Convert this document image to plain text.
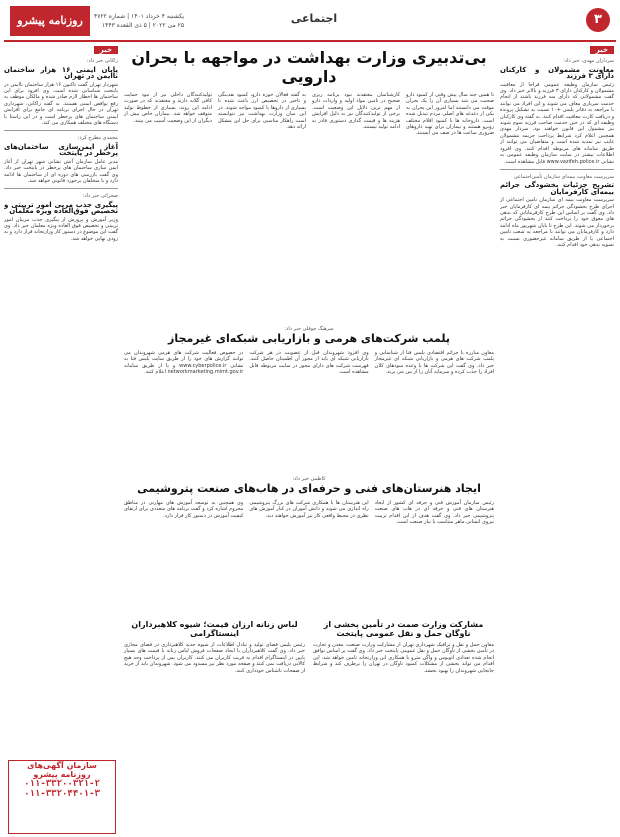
۳
اجتماعی
روزنامه پیشرو	یکشنبه ۴ خرداد ۱۴۰۱ | شماره ۴۷۲۲
۲۵ می ۲۰۲۲ | ۵ ذی القعده ۱۴۴۳
خبر
سرداران مهدی، خبر داد:
معاونت مشمولان و کارکنان دارای ۳ فرزند
رئیس سازمان وظیفه عمومی فراجا از معافیت مشمولان و کارکنان دارای ۳ فرزند و بالاتر خبر داد. وی گفت مشمولانی که دارای سه فرزند باشند از انجام خدمت سربازی معاف می شوند و این افراد می توانند با مراجعه به دفاتر پلیس +۱۰ نسبت به تشکیل پرونده و دریافت کارت معافیت اقدام کنند. به گفته وی کارکنان وظیفه ای که در حین خدمت صاحب فرزند سوم شوند نیز مشمول این قانون خواهند بود. سردار مهدی همچنین اعلام کرد شرایط پرداخت جریمه مشمولان غایب نیز تمدید شده است و متقاضیان می توانند از طریق سامانه های مربوطه اقدام کنند. وی افزود اطلاعات بیشتر در سایت سازمان وظیفه عمومی به نشانی www.vazifeh.police.ir قابل مشاهده است.
سرپرست معاونت بیمه‌ای سازمان تأمین‌اجتماعی
تشریح جزئیات بخشودگی جرائم بیمه‌ای کارفرمایان
سرپرست معاونت بیمه ای سازمان تامین اجتماعی از اجرای طرح بخشودگی جرائم بیمه ای کارفرمایان خبر داد. وی گفت بر اساس این طرح کارفرمایانی که بدهی های معوق خود را پرداخت کنند از بخشودگی جرائم برخوردار می شوند. این طرح تا پایان شهریور ماه ادامه دارد و کارفرمایان می توانند با مراجعه به شعب تامین اجتماعی یا از طریق سامانه غیرحضوری نسبت به تسویه بدهی خود اقدام کنند.
بی‌تدبیری وزارت بهداشت در مواجهه با بحران دارویی
تا همین چند سال پیش وقتی از کمبود دارو صحبت می شد بسیاری آن را یک بحران موقت می دانستند اما امروز این بحران به یکی از دغدغه های اصلی مردم تبدیل شده است. داروخانه ها با کمبود اقلام مختلف روبرو هستند و بیماران برای تهیه داروهای ضروری ساعت ها در صف می ایستند.
کارشناسان معتقدند نبود برنامه ریزی صحیح در تامین مواد اولیه و واردات دارو از مهم ترین دلایل این وضعیت است. برخی از تولیدکنندگان نیز به دلیل افزایش هزینه ها و قیمت گذاری دستوری قادر به ادامه تولید نیستند.
به گفته فعالان حوزه دارو، کمبود نقدینگی و تاخیر در تخصیص ارز باعث شده تا بسیاری از داروها با کمبود مواجه شوند. در این میان وزارت بهداشت نیز نتوانسته است راهکار مناسبی برای حل این مشکل ارائه دهد.
تولیدکنندگان داخلی نیز از نبود حمایت کافی گلایه دارند و معتقدند که در صورت ادامه این روند، بسیاری از خطوط تولید متوقف خواهد شد. بیماران خاص بیش از دیگران از این وضعیت آسیب می بینند.
سرهنگ چوقلی خبر داد:
پلمب شرکت‌های هرمی و بازاریابی شبکه‌ای غیرمجاز
معاون مبارزه با جرائم اقتصادی پلیس فتا از شناسایی و پلمب شرکت های هرمی و بازاریابی شبکه ای غیرمجاز خبر داد. وی گفت این شرکت ها با وعده سودهای کلان افراد را جذب کرده و سرمایه آنان را از بین می برند.
وی افزود شهروندان قبل از عضویت در هر شرکت بازاریابی شبکه ای باید از مجوز آن اطمینان حاصل کنند. فهرست شرکت های دارای مجوز در سایت مربوطه قابل مشاهده است.
در خصوص فعالیت شرکت های هرمی شهروندان می توانند گزارش های خود را از طریق سایت پلیس فتا به نشانی www.cyberpolice.ir و یا از طریق سامانه networkmarketing.mimt.gov.ir اعلام کنند.
کاظمی خبر داد:
ایجاد هنرستان‌های فنی و حرفه‌ای در هاب‌های صنعت پتروشیمی
رئیس سازمان آموزش فنی و حرفه ای کشور از ایجاد هنرستان های فنی و حرفه ای در هاب های صنعت پتروشیمی خبر داد. وی گفت هدف از این اقدام تربیت نیروی انسانی ماهر متناسب با نیاز صنعت است.
این هنرستان ها با همکاری شرکت های بزرگ پتروشیمی راه اندازی می شوند و دانش آموزان در کنار آموزش های نظری در محیط واقعی کار نیز آموزش خواهند دید.
وی همچنین به توسعه آموزش های مهارتی در مناطق محروم اشاره کرد و گفت برنامه های متعددی برای ارتقای کیفیت آموزش در دستور کار قرار دارد.
مشارکت وزارت صمت در تأمین بخشی از ناوگان حمل و نقل عمومی پایتخت
معاون حمل و نقل و ترافیک شهرداری تهران از مشارکت وزارت صنعت، معدن و تجارت در تامین بخشی از ناوگان حمل و نقل عمومی پایتخت خبر داد. وی گفت بر اساس توافق انجام شده تعدادی اتوبوس و واگن مترو با همکاری این وزارتخانه تامین خواهد شد. این اقدام می تواند بخشی از مشکلات کمبود ناوگان در تهران را برطرف کند و شرایط جابجایی شهروندان را بهبود بخشد.
لباس زنانه ارزان قیمت؛ شیوه کلاهبرداران اینستاگرامی
رئیس پلیس فضای تولید و تبادل اطلاعات از شیوه جدید کلاهبرداری در فضای مجازی خبر داد. وی گفت کلاهبرداران با ایجاد صفحات فروش لباس زنانه با قیمت های بسیار پایین در اینستاگرام اقدام به فریب کاربران می کنند. کاربران پس از پرداخت وجه هیچ کالایی دریافت نمی کنند و صفحه مورد نظر نیز مسدود می شود. شهروندان باید از خرید از صفحات ناشناس خودداری کنند.
خبر
زاکانی خبر داد:
پایان ایمنی ۱۶ هزار ساختمان ناایمن در تهران
شهردار تهران گفت تاکنون ۱۶ هزار ساختمان ناایمن در پایتخت شناسایی شده است. وی افزود برای این ساختمان ها اخطار لازم صادر شده و مالکان موظف به رفع نواقص ایمنی هستند. به گفته زاکانی، شهرداری تهران در حال اجرای برنامه ای جامع برای افزایش ایمنی ساختمان های پرخطر است و در این راستا با دستگاه های مختلف همکاری می کند.
محمدی مطرح کرد:
آغاز ایمن‌سازی ساختمان‌های پرخطر در پایتخت
مدیر عامل سازمان آتش نشانی شهر تهران از آغاز ایمن سازی ساختمان های پرخطر در پایتخت خبر داد. وی گفت بازرسی های دوره ای از ساختمان ها ادامه دارد و با متخلفان برخورد قانونی خواهد شد.
صحرائی خبر داد:
پیگیری جذب مربی امور تربیتی و تخصیص فوق‌العاده ویژه معلمان
وزیر آموزش و پرورش از پیگیری جذب مربیان امور تربیتی و تخصیص فوق العاده ویژه معلمان خبر داد. وی گفت این موضوع در دستور کار وزارتخانه قرار دارد و به زودی نهایی خواهد شد.
سازمان آگهی‌های
روزنامه پیشرو
۰۱۱-۳۳۲۰۰۳۲۱-۲
۰۱۱-۳۳۲۰۴۴۰۱-۳
